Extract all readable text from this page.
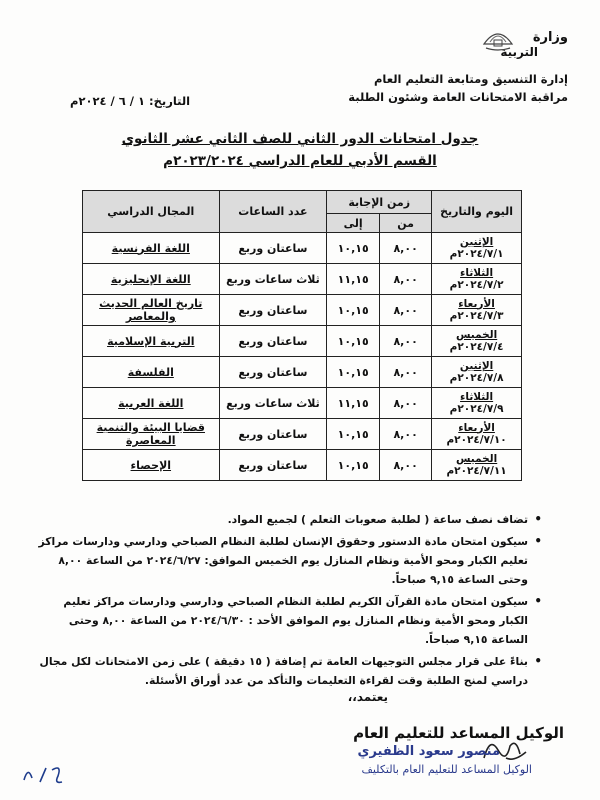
وزارة
التربية
إدارة التنسيق ومتابعة التعليم العام
مراقبة الامتحانات العامة وشئون الطلبة
التاريخ: ١ / ٦ / ٢٠٢٤م
جدول امتحانات الدور الثاني للصف الثاني عشر الثانوي
القسم الأدبي للعام الدراسي ٢٠٢٣/٢٠٢٤م
اليوم والتاريخ	زمن الإجابة		عدد الساعات	المجال الدراسي
	من	إلى		

الإثنين
٢٠٢٤/٧/١م	٨,٠٠	١٠,١٥	ساعتان وربع	اللغة الفرنسية

الثلاثاء
٢٠٢٤/٧/٢م	٨,٠٠	١١,١٥	ثلاث ساعات وربع	اللغة الإنجليزية

الأربعاء
٢٠٢٤/٧/٣م	٨,٠٠	١٠,١٥	ساعتان وربع	تاريخ العالم الحديث والمعاصر

الخميس
٢٠٢٤/٧/٤م	٨,٠٠	١٠,١٥	ساعتان وربع	التربية الإسلامية

الإثنين
٢٠٢٤/٧/٨م	٨,٠٠	١٠,١٥	ساعتان وربع	الفلسفة

الثلاثاء
٢٠٢٤/٧/٩م	٨,٠٠	١١,١٥	ثلاث ساعات وربع	اللغة العربية

الأربعاء
٢٠٢٤/٧/١٠م	٨,٠٠	١٠,١٥	ساعتان وربع	قضايا البيئة والتنمية المعاصرة

الخميس
٢٠٢٤/٧/١١م	٨,٠٠	١٠,١٥	ساعتان وربع	الإحصاء
• تضاف نصف ساعة ( لطلبة صعوبات التعلم ) لجميع المواد.
• سيكون امتحان مادة الدستور وحقوق الإنسان لطلبة النظام الصباحي ودارسي ودارسات مراكز تعليم الكبار ومحو الأمية ونظام المنازل يوم الخميس الموافق: ٢٠٢٤/٦/٢٧ من الساعة ٨,٠٠ وحتى الساعة ٩,١٥ صباحاً.
• سيكون امتحان مادة القرآن الكريم لطلبة النظام الصباحي ودارسي ودارسات مراكز تعليم الكبار ومحو الأمية ونظام المنازل يوم الموافق الأحد : ٢٠٢٤/٦/٣٠ من الساعة ٨,٠٠ وحتى الساعة ٩,١٥ صباحاً.
• بناءً على قرار مجلس التوجيهات العامة تم إضافة ( ١٥ دقيقة ) على زمن الامتحانات لكل مجال دراسي لمنح الطلبة وقت لقراءة التعليمات والتأكد من عدد أوراق الأسئلة.
يعتمد،،
الوكيل المساعد للتعليم العام
منصور سعود الظفيري
الوكيل المساعد للتعليم العام بالتكليف
